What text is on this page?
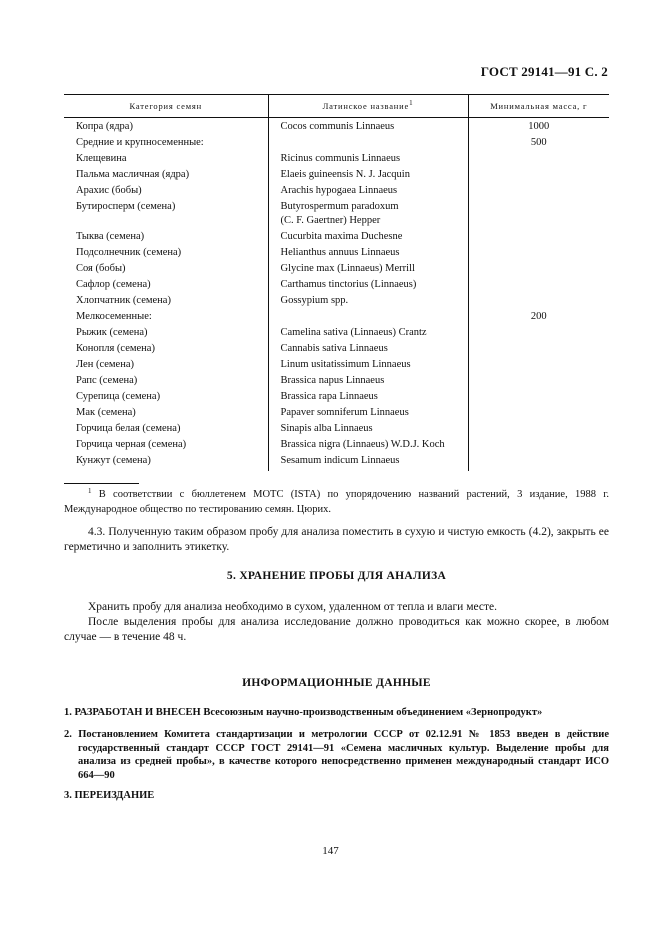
ГОСТ 29141—91 С. 2
Категория семян	Латинское название$^1$	Минимальная масса, г
Копра (ядра)	Cocos communis Linnaeus	1000
Средние и крупносеменные:		500
Клещевина	Ricinus communis Linnaeus	
Пальма масличная (ядра)	Elaeis guineensis N. J. Jacquin	
Арахис (бобы)	Arachis hypogaea Linnaeus	
Бутиросперм (семена)	Butyrospermum paradoxum
(C. F. Gaertner) Hepper	

Тыква (семена)	Cucurbita maxima Duchesne	
Подсолнечник (семена)	Helianthus annuus Linnaeus	
Соя (бобы)	Glycine max (Linnaeus) Merrill	
Сафлор (семена)	Carthamus tinctorius (Linnaeus)	
Хлопчатник (семена)	Gossypium spp.	
Мелкосеменные:		200
Рыжик (семена)	Camelina sativa (Linnaeus) Crantz	
Конопля (семена)	Cannabis sativa Linnaeus	
Лен (семена)	Linum usitatissimum Linnaeus	
Рапс (семена)	Brassica napus Linnaeus	
Сурепица (семена)	Brassica rapa Linnaeus	
Мак (семена)	Papaver somniferum Linnaeus	
Горчица белая (семена)	Sinapis alba Linnaeus	
Горчица черная (семена)	Brassica nigra (Linnaeus) W.D.J. Koch	
Кунжут (семена)	Sesamum indicum Linnaeus	
$^1$ В соответствии с бюллетенем МОТС (ISTA) по упорядочению названий растений, 3 издание, 1988 г. Международное общество по тестированию семян. Цюрих.
4.3. Полученную таким образом пробу для анализа поместить в сухую и чистую емкость (4.2), закрыть ее герметично и заполнить этикетку.
5. ХРАНЕНИЕ ПРОБЫ ДЛЯ АНАЛИЗА
Хранить пробу для анализа необходимо в сухом, удаленном от тепла и влаги месте.
После выделения пробы для анализа исследование должно проводиться как можно скорее, в любом случае — в течение 48 ч.
ИНФОРМАЦИОННЫЕ ДАННЫЕ
1. РАЗРАБОТАН И ВНЕСЕН Всесоюзным научно-производственным объединением «Зернопродукт»
2. Постановлением Комитета стандартизации и метрологии СССР от 02.12.91 № 1853 введен в действие государственный стандарт СССР ГОСТ 29141—91 «Семена масличных культур. Выделение пробы для анализа из средней пробы», в качестве которого непосредственно применен международный стандарт ИСО 664—90
3. ПЕРЕИЗДАНИЕ
147
